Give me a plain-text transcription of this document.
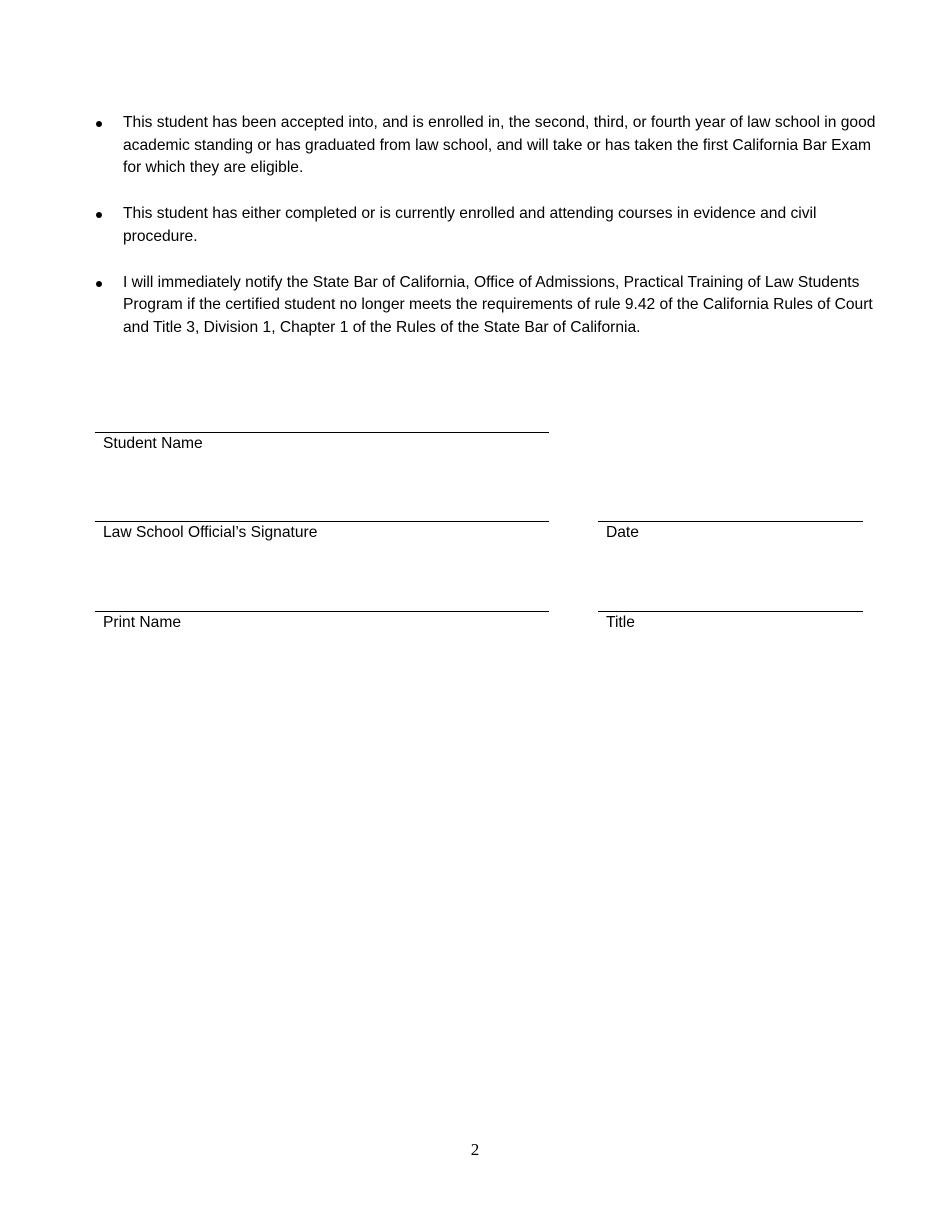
This student has been accepted into, and is enrolled in, the second, third, or fourth year of law school in good academic standing or has graduated from law school, and will take or has taken the first California Bar Exam for which they are eligible.
This student has either completed or is currently enrolled and attending courses in evidence and civil procedure.
I will immediately notify the State Bar of California, Office of Admissions, Practical Training of Law Students Program if the certified student no longer meets the requirements of rule 9.42 of the California Rules of Court and Title 3, Division 1, Chapter 1 of the Rules of the State Bar of California.
Student Name
Law School Official’s Signature	Date
Print Name	Title
2
